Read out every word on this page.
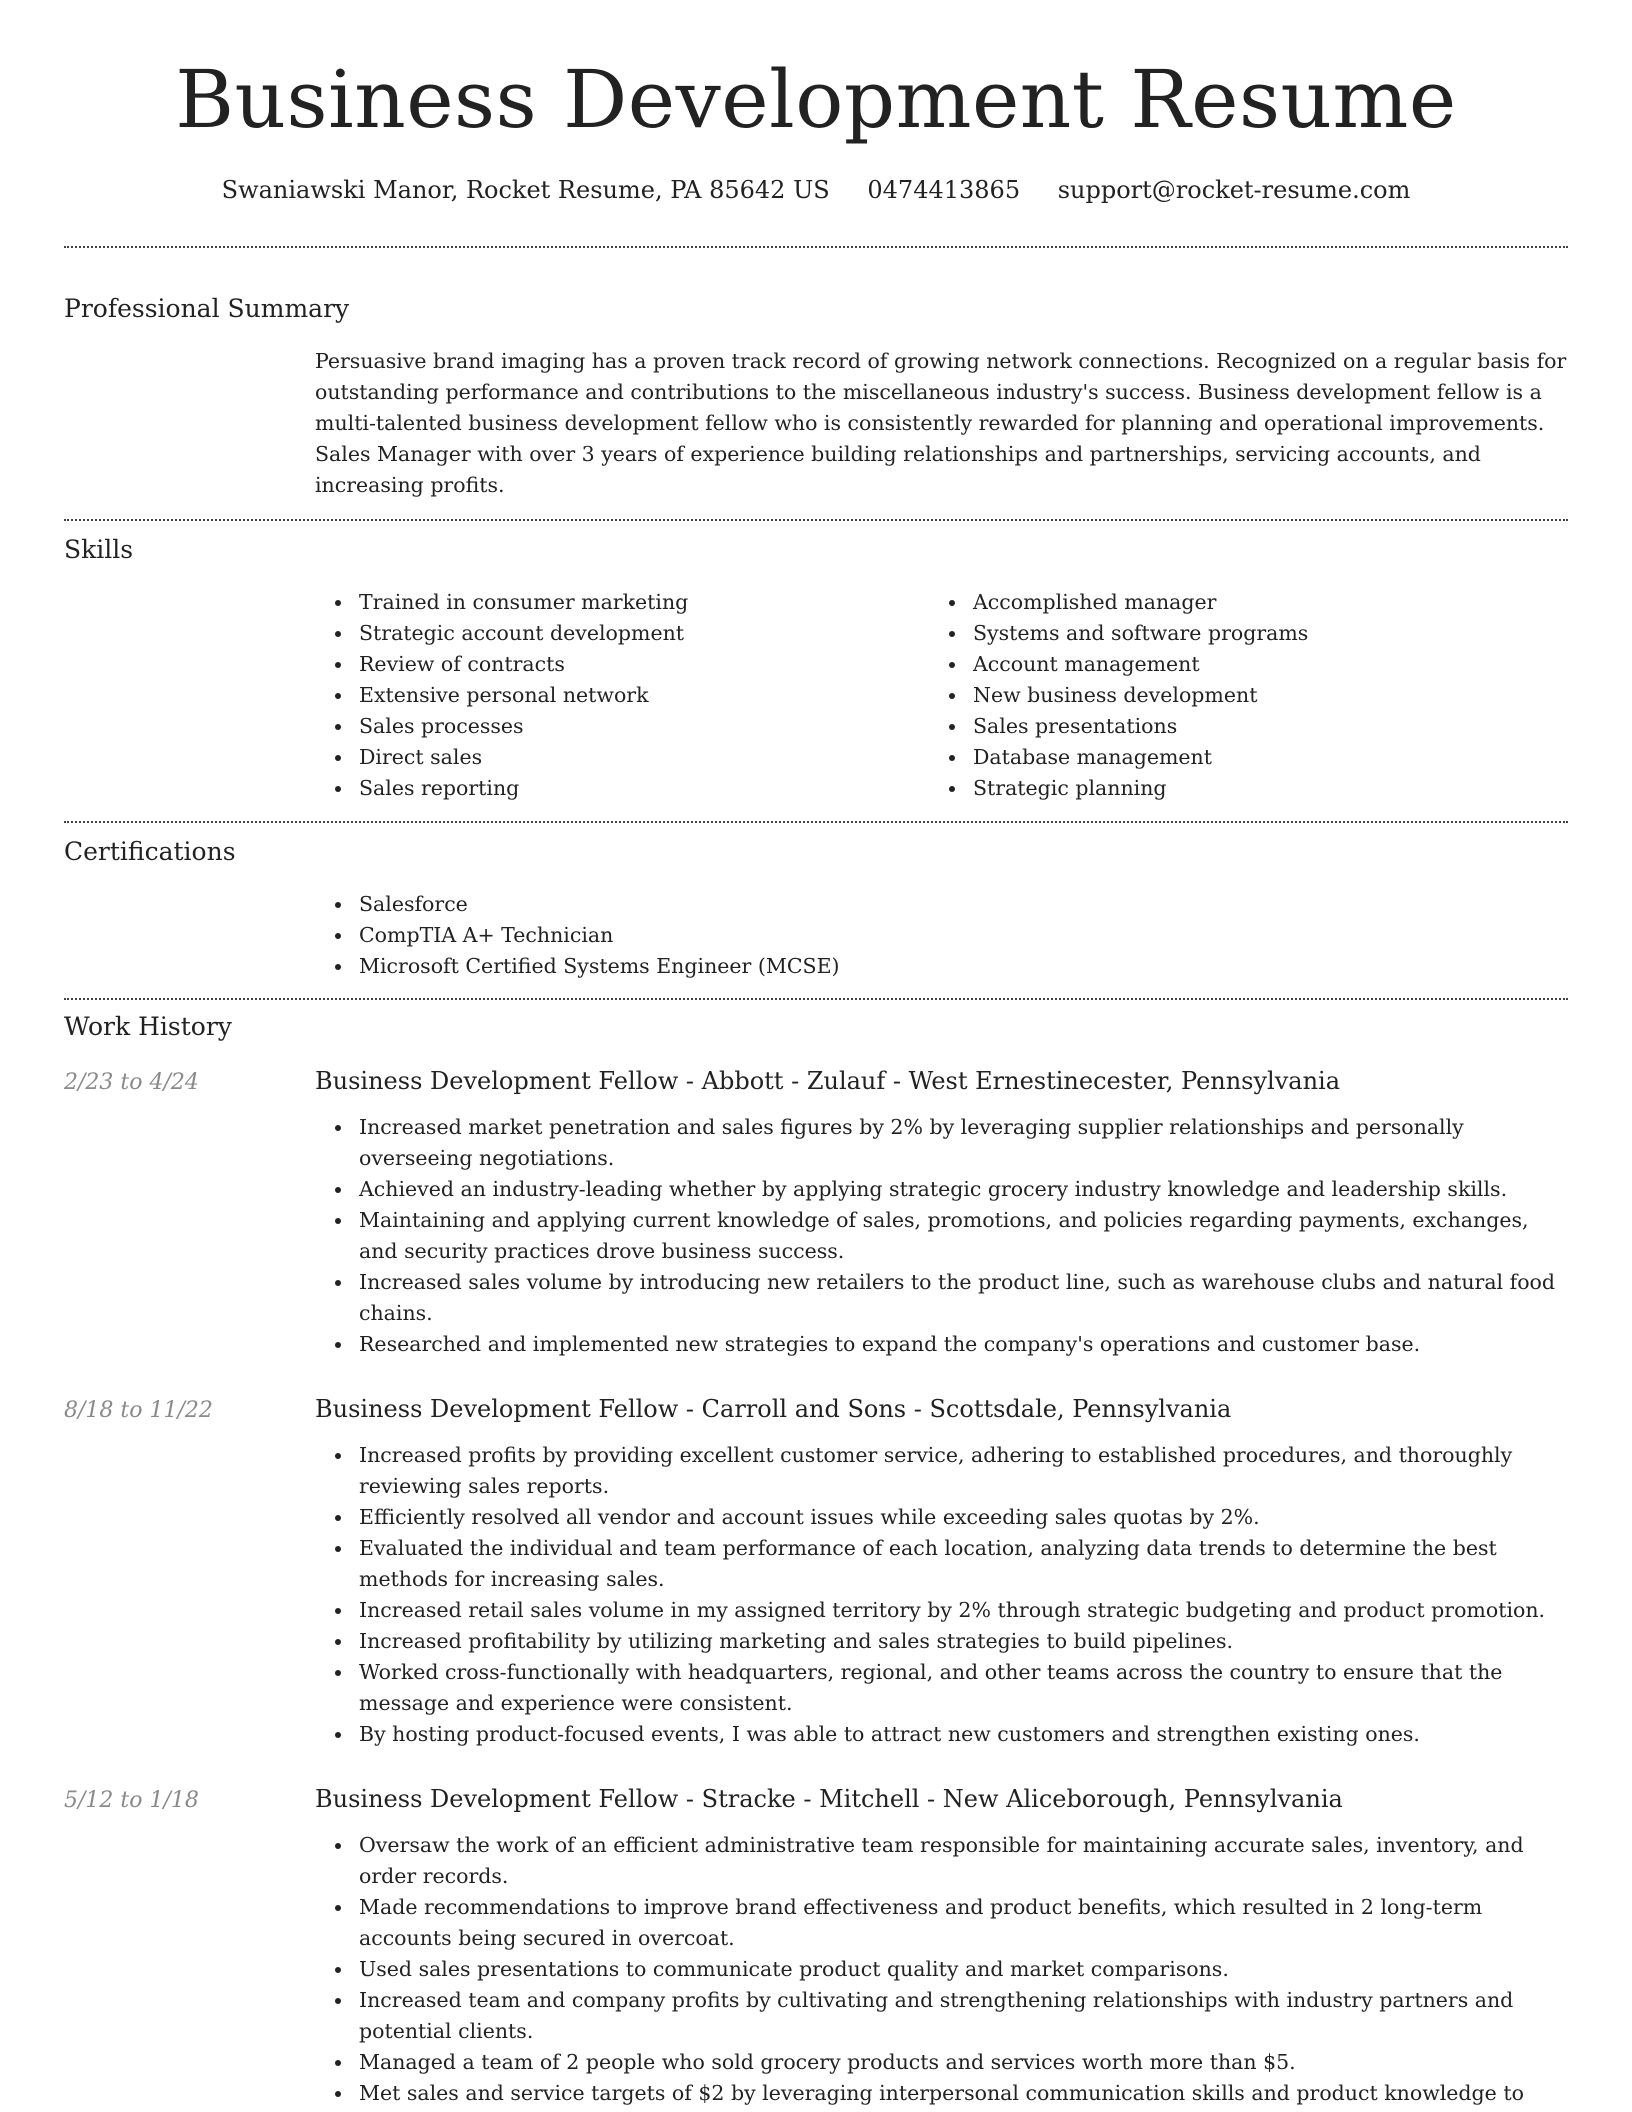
Business Development Resume
Swaniawski Manor, Rocket Resume, PA 85642 US 0474413865 support@rocket-resume.com
Professional Summary
Persuasive brand imaging has a proven track record of growing network connections. Recognized on a regular basis for outstanding performance and contributions to the miscellaneous industry's success. Business development fellow is a multi-talented business development fellow who is consistently rewarded for planning and operational improvements. Sales Manager with over 3 years of experience building relationships and partnerships, servicing accounts, and increasing profits.
Skills
Trained in consumer marketing
Strategic account development
Review of contracts
Extensive personal network
Sales processes
Direct sales
Sales reporting
Accomplished manager
Systems and software programs
Account management
New business development
Sales presentations
Database management
Strategic planning
Certifications
Salesforce
CompTIA A+ Technician
Microsoft Certified Systems Engineer (MCSE)
Work History
2/23 to 4/24	Business Development Fellow - Abbott - Zulauf - West Ernestinecester, Pennsylvania
Increased market penetration and sales figures by 2% by leveraging supplier relationships and personally overseeing negotiations.
Achieved an industry-leading whether by applying strategic grocery industry knowledge and leadership skills.
Maintaining and applying current knowledge of sales, promotions, and policies regarding payments, exchanges, and security practices drove business success.
Increased sales volume by introducing new retailers to the product line, such as warehouse clubs and natural food chains.
Researched and implemented new strategies to expand the company's operations and customer base.
8/18 to 11/22	Business Development Fellow - Carroll and Sons - Scottsdale, Pennsylvania
Increased profits by providing excellent customer service, adhering to established procedures, and thoroughly reviewing sales reports.
Efficiently resolved all vendor and account issues while exceeding sales quotas by 2%.
Evaluated the individual and team performance of each location, analyzing data trends to determine the best methods for increasing sales.
Increased retail sales volume in my assigned territory by 2% through strategic budgeting and product promotion.
Increased profitability by utilizing marketing and sales strategies to build pipelines.
Worked cross-functionally with headquarters, regional, and other teams across the country to ensure that the message and experience were consistent.
By hosting product-focused events, I was able to attract new customers and strengthen existing ones.
5/12 to 1/18	Business Development Fellow - Stracke - Mitchell - New Aliceborough, Pennsylvania
Oversaw the work of an efficient administrative team responsible for maintaining accurate sales, inventory, and order records.
Made recommendations to improve brand effectiveness and product benefits, which resulted in 2 long-term accounts being secured in overcoat.
Used sales presentations to communicate product quality and market comparisons.
Increased team and company profits by cultivating and strengthening relationships with industry partners and potential clients.
Managed a team of 2 people who sold grocery products and services worth more than $5.
Met sales and service targets of $2 by leveraging interpersonal communication skills and product knowledge to
